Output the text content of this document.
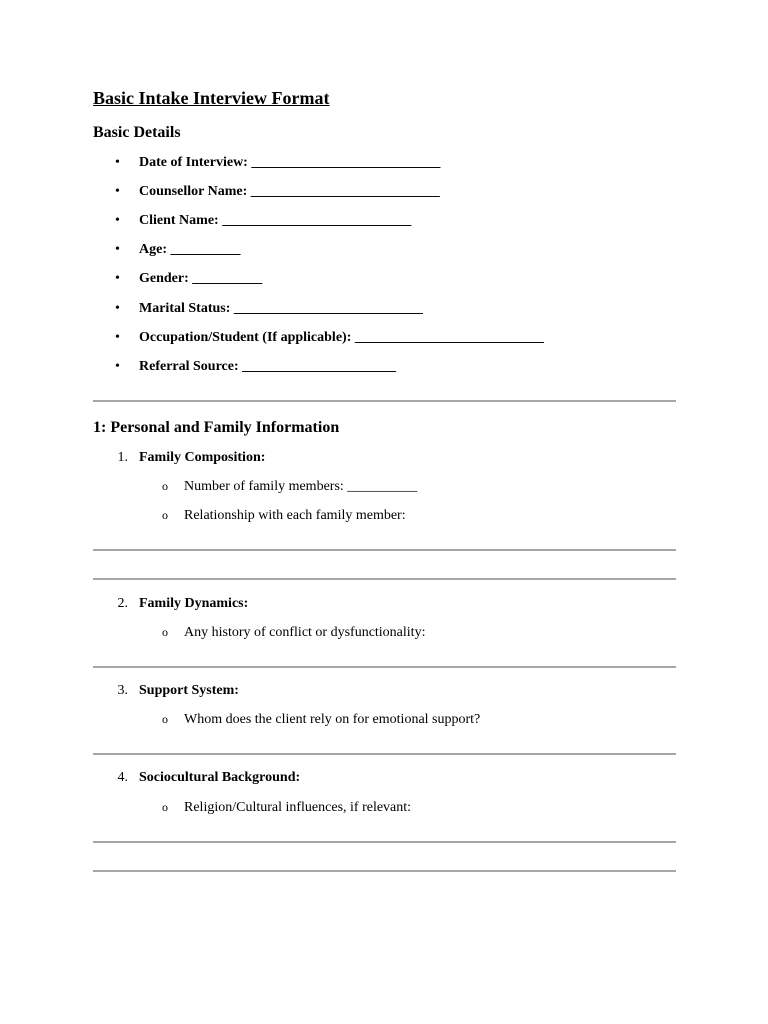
Basic Intake Interview Format
Basic Details
• Date of Interview: ___________________________
• Counsellor Name: ___________________________
• Client Name: ___________________________
• Age: __________
• Gender: __________
• Marital Status: ___________________________
• Occupation/Student (If applicable): ___________________________
• Referral Source: ______________________
1: Personal and Family Information
1. Family Composition:
o Number of family members: __________
o Relationship with each family member:
2. Family Dynamics:
o Any history of conflict or dysfunctionality:
3. Support System:
o Whom does the client rely on for emotional support?
4. Sociocultural Background:
o Religion/Cultural influences, if relevant:
